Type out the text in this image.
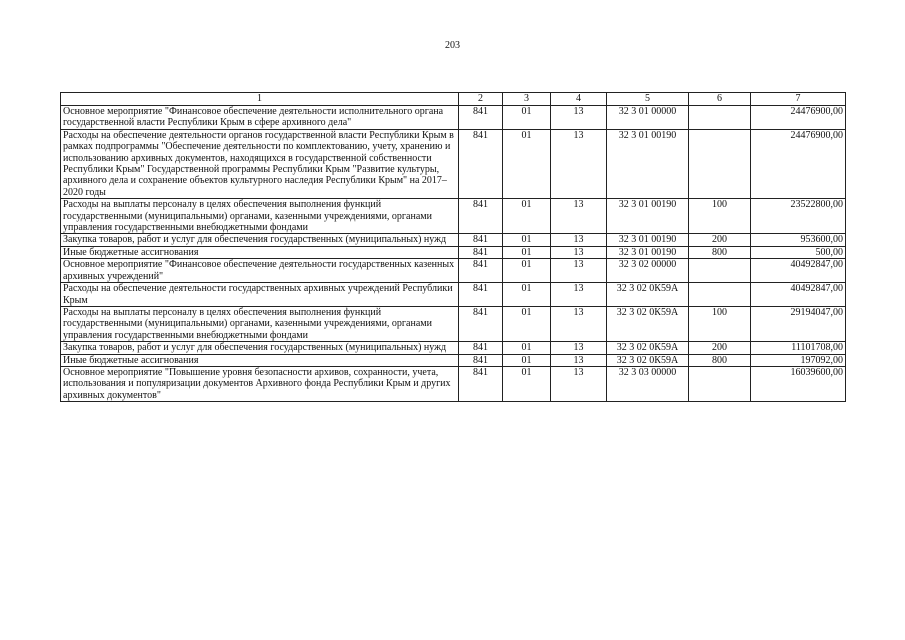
203
1	2	3	4	5	6	7
Основное мероприятие "Финансовое обеспечение деятельности исполнительного органа государственной власти Республики Крым в сфере архивного дела"	841	01	13	32 3 01 00000		24476900,00
Расходы на обеспечение деятельности органов государственной власти Республики Крым в рамках подпрограммы "Обеспечение деятельности по комплектованию, учету, хранению и использованию архивных документов, находящихся в государственной собственности Республики Крым" Государственной программы Республики Крым "Развитие культуры, архивного дела и сохранение объектов культурного наследия Республики Крым" на 2017–2020 годы	841	01	13	32 3 01 00190		24476900,00
Расходы на выплаты персоналу в целях обеспечения выполнения функций государственными (муниципальными) органами, казенными учреждениями, органами управления государственными внебюджетными фондами	841	01	13	32 3 01 00190	100	23522800,00
Закупка товаров, работ и услуг для обеспечения государственных (муниципальных) нужд	841	01	13	32 3 01 00190	200	953600,00
Иные бюджетные ассигнования	841	01	13	32 3 01 00190	800	500,00
Основное мероприятие "Финансовое обеспечение деятельности государственных казенных архивных учреждений"	841	01	13	32 3 02 00000		40492847,00
Расходы на обеспечение деятельности государственных архивных учреждений Республики Крым	841	01	13	32 3 02 0К59А		40492847,00
Расходы на выплаты персоналу в целях обеспечения выполнения функций государственными (муниципальными) органами, казенными учреждениями, органами управления государственными внебюджетными фондами	841	01	13	32 3 02 0К59А	100	29194047,00
Закупка товаров, работ и услуг для обеспечения государственных (муниципальных) нужд	841	01	13	32 3 02 0К59А	200	11101708,00
Иные бюджетные ассигнования	841	01	13	32 3 02 0К59А	800	197092,00
Основное мероприятие "Повышение уровня безопасности архивов, сохранности, учета, использования и популяризации документов Архивного фонда Республики Крым и других архивных документов"	841	01	13	32 3 03 00000		16039600,00
